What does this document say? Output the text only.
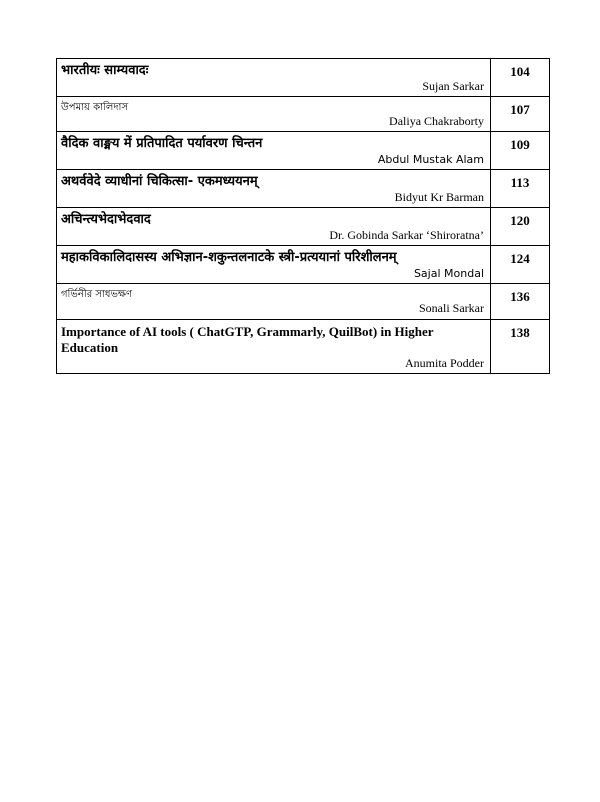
भारतीयः साम्यवादः
Sujan Sarkar	104

উপমায় কালিদাস
Daliya Chakraborty	107

वैदिक वाङ्मय में प्रतिपादित पर्यावरण चिन्तन
Abdul Mustak Alam	109

अथर्ववेदे व्याधीनां चिकित्सा- एकमध्ययनम्
Bidyut Kr Barman	113

अचिन्त्यभेदाभेदवाद
Dr. Gobinda Sarkar ‘Shiroratna’	120

महाकविकालिदासस्य अभिज्ञान-शकुन्तलनाटके स्त्री-प्रत्ययानां परिशीलनम्
Sajal Mondal	124

গর্ভিনীর সাধভক্ষণ
Sonali Sarkar	136

Importance of AI tools ( ChatGTP, Grammarly, QuilBot) in Higher Education
Anumita Podder	138
